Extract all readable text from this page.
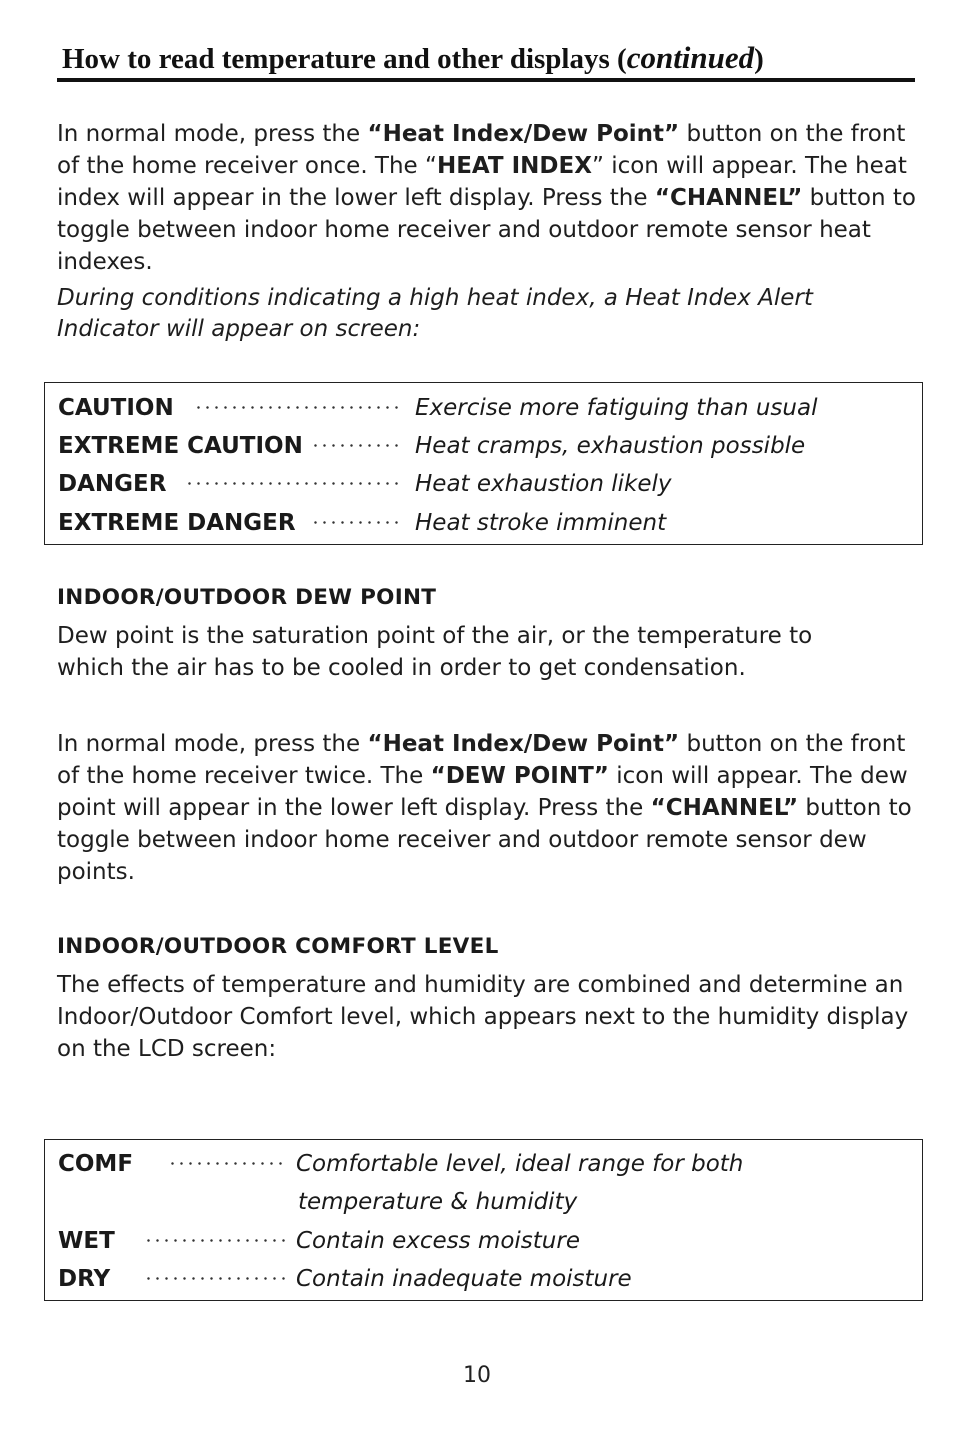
How to read temperature and other displays (continued)
In normal mode, press the “Heat Index/Dew Point” button on the front of the home receiver once. The “HEAT INDEX” icon will appear. The heat index will appear in the lower left display. Press the “CHANNEL” button to toggle between indoor home receiver and outdoor remote sensor heat indexes.
During conditions indicating a high heat index, a Heat Index Alert Indicator will appear on screen:
CAUTION	Exercise more fatiguing than usual
EXTREME CAUTION	Heat cramps, exhaustion possible
DANGER	Heat exhaustion likely
EXTREME DANGER	Heat stroke imminent
INDOOR/OUTDOOR DEW POINT
Dew point is the saturation point of the air, or the temperature to which the air has to be cooled in order to get condensation.
In normal mode, press the “Heat Index/Dew Point” button on the front of the home receiver twice. The “DEW POINT” icon will appear. The dew point will appear in the lower left display. Press the “CHANNEL” button to toggle between indoor home receiver and outdoor remote sensor dew points.
INDOOR/OUTDOOR COMFORT LEVEL
The effects of temperature and humidity are combined and determine an Indoor/Outdoor Comfort level, which appears next to the humidity display on the LCD screen:
COMF	Comfortable level, ideal range for both
temperature & humidity
WET	Contain excess moisture
DRY	Contain inadequate moisture
10
